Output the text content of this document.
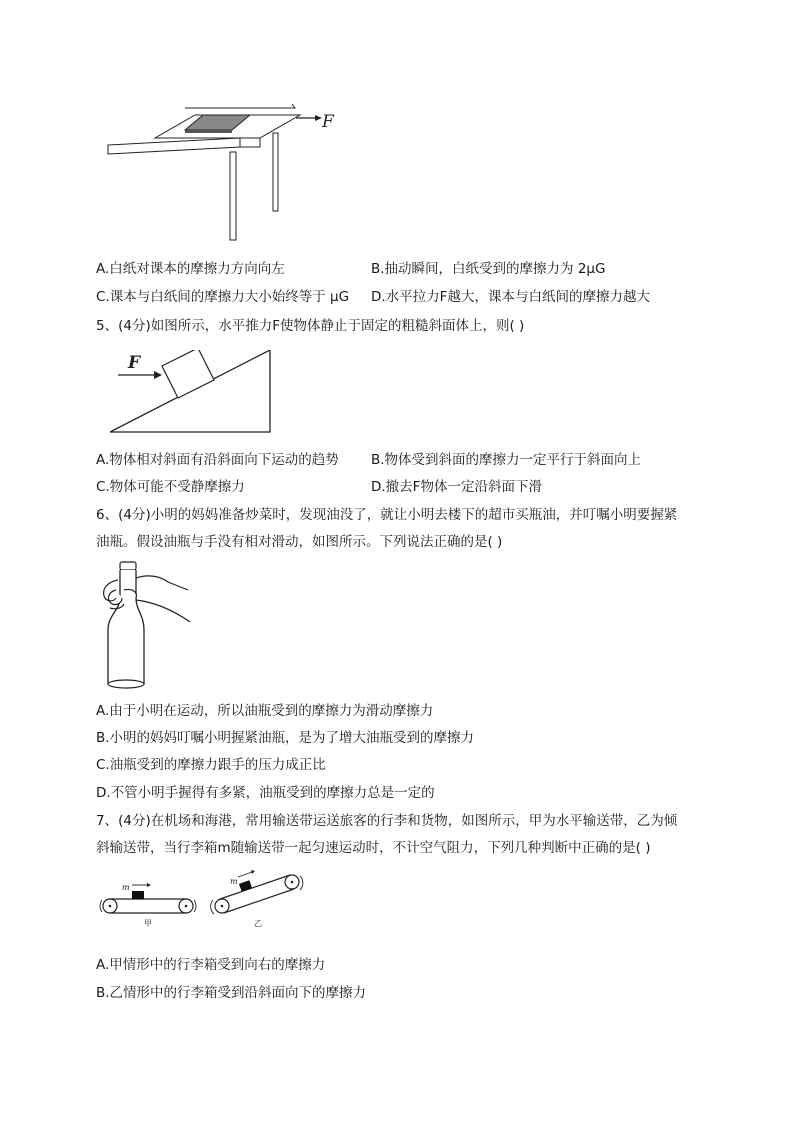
F
A.白纸对课本的摩擦力方向向左	B.抽动瞬间，白纸受到的摩擦力为 2μG
C.课本与白纸间的摩擦力大小始终等于 μG D.水平拉力F越大，课本与白纸间的摩擦力越大
5、(4分)如图所示，水平推力F使物体静止于固定的粗糙斜面体上，则( )
F
A.物体相对斜面有沿斜面向下运动的趋势 B.物体受到斜面的摩擦力一定平行于斜面向上
C.物体可能不受静摩擦力	D.撤去F物体一定沿斜面下滑
6、(4分)小明的妈妈准备炒菜时，发现油没了，就让小明去楼下的超市买瓶油，并叮嘱小明要握紧
油瓶。假设油瓶与手没有相对滑动，如图所示。下列说法正确的是( )
A.由于小明在运动，所以油瓶受到的摩擦力为滑动摩擦力
B.小明的妈妈叮嘱小明握紧油瓶，是为了增大油瓶受到的摩擦力
C.油瓶受到的摩擦力跟手的压力成正比
D.不管小明手握得有多紧，油瓶受到的摩擦力总是一定的
7、(4分)在机场和海港，常用输送带运送旅客的行李和货物，如图所示，甲为水平输送带，乙为倾
斜输送带，当行李箱m随输送带一起匀速运动时，不计空气阻力，下列几种判断中正确的是( )
m
甲
m
乙
A.甲情形中的行李箱受到向右的摩擦力
B.乙情形中的行李箱受到沿斜面向下的摩擦力
